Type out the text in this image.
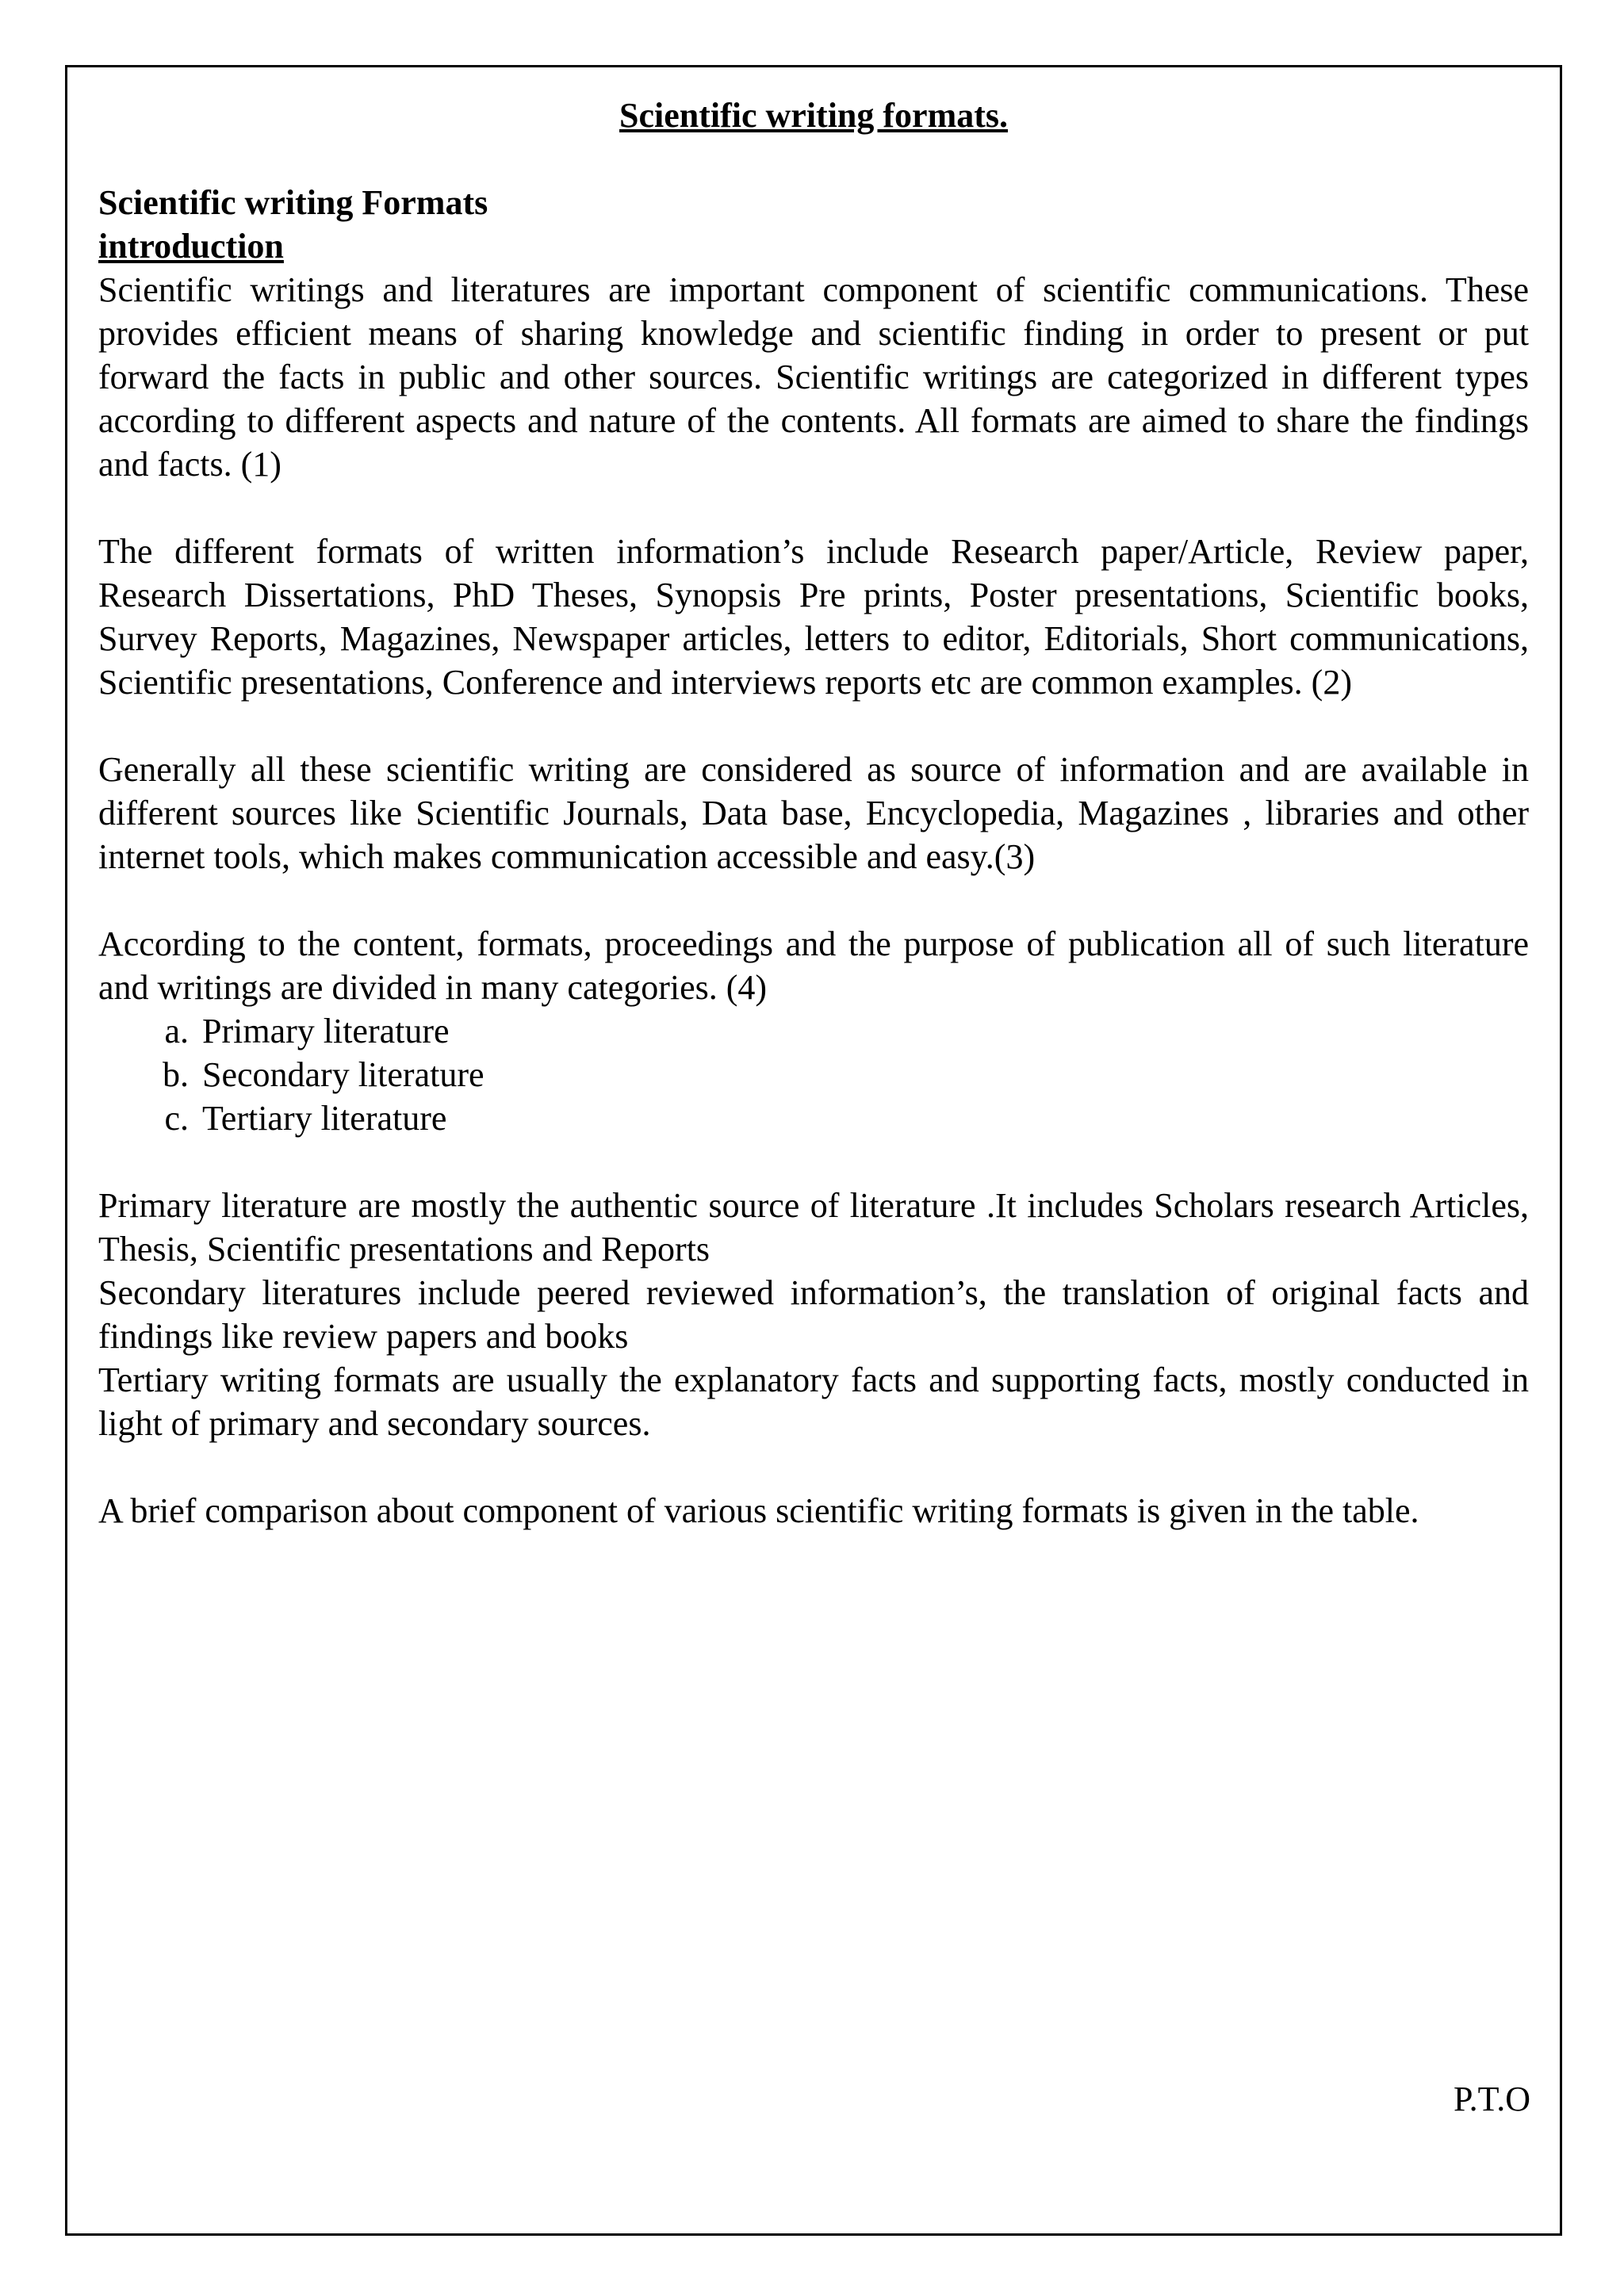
Scientific writing formats.
Scientific writing Formats
introduction

Scientific writings and literatures are important component of scientific communications. These provides efficient means of sharing knowledge and scientific finding in order to present or put forward the facts in public and other sources. Scientific writings are categorized in different types according to different aspects and nature of the contents. All formats are aimed to share the findings and facts. (1)

The different formats of written information’s include Research paper/Article, Review paper, Research Dissertations, PhD Theses, Synopsis Pre prints, Poster presentations, Scientific books, Survey Reports, Magazines, Newspaper articles, letters to editor, Editorials, Short communications, Scientific presentations, Conference and interviews reports etc are common examples. (2)

Generally all these scientific writing are considered as source of information and are available in different sources like Scientific Journals, Data base, Encyclopedia, Magazines , libraries and other internet tools, which makes communication accessible and easy.(3)

According to the content, formats, proceedings and the purpose of publication all of such literature and writings are divided in many categories. (4)

a. Primary literature
b. Secondary literature
c. Tertiary literature

Primary literature are mostly the authentic source of literature .It includes Scholars research Articles, Thesis, Scientific presentations and Reports

Secondary literatures include peered reviewed information’s, the translation of original facts and findings like review papers and books

Tertiary writing formats are usually the explanatory facts and supporting facts, mostly conducted in light of primary and secondary sources.

A brief comparison about component of various scientific writing formats is given in the table.

P.T.O
